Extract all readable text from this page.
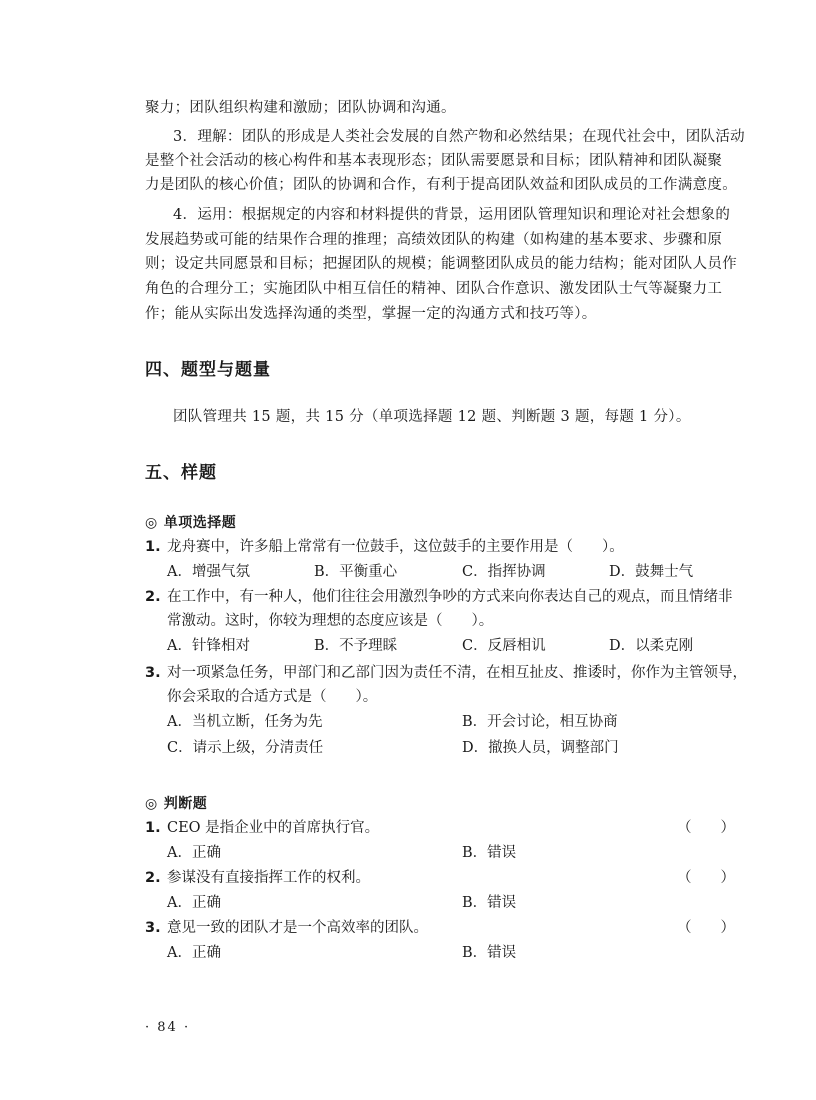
聚力；团队组织构建和激励；团队协调和沟通。
3．理解：团队的形成是人类社会发展的自然产物和必然结果；在现代社会中，团队活动
是整个社会活动的核心构件和基本表现形态；团队需要愿景和目标；团队精神和团队凝聚
力是团队的核心价值；团队的协调和合作，有利于提高团队效益和团队成员的工作满意度。
4．运用：根据规定的内容和材料提供的背景，运用团队管理知识和理论对社会想象的
发展趋势或可能的结果作合理的推理；高绩效团队的构建（如构建的基本要求、步骤和原
则；设定共同愿景和目标；把握团队的规模；能调整团队成员的能力结构；能对团队人员作
角色的合理分工；实施团队中相互信任的精神、团队合作意识、激发团队士气等凝聚力工
作；能从实际出发选择沟通的类型，掌握一定的沟通方式和技巧等）。
四、题型与题量
团队管理共 15 题，共 15 分（单项选择题 12 题、判断题 3 题，每题 1 分）。
五、样题
◎ 单项选择题
1. 龙舟赛中，许多船上常常有一位鼓手，这位鼓手的主要作用是（　　）。
A．增强气氛	B．平衡重心	C．指挥协调	D．鼓舞士气
2. 在工作中，有一种人，他们往往会用激烈争吵的方式来向你表达自己的观点，而且情绪非
常激动。这时，你较为理想的态度应该是（　　）。
A．针锋相对	B．不予理睬	C．反唇相讥	D．以柔克刚
3. 对一项紧急任务，甲部门和乙部门因为责任不清，在相互扯皮、推诿时，你作为主管领导，
你会采取的合适方式是（　　）。
A．当机立断，任务为先	B．开会讨论，相互协商
C．请示上级，分清责任	D．撤换人员，调整部门
◎ 判断题
1. CEO 是指企业中的首席执行官。	（　　）
A．正确	B．错误
2. 参谋没有直接指挥工作的权利。	（　　）
A．正确	B．错误
3. 意见一致的团队才是一个高效率的团队。	（　　）
A．正确	B．错误
· 84 ·
